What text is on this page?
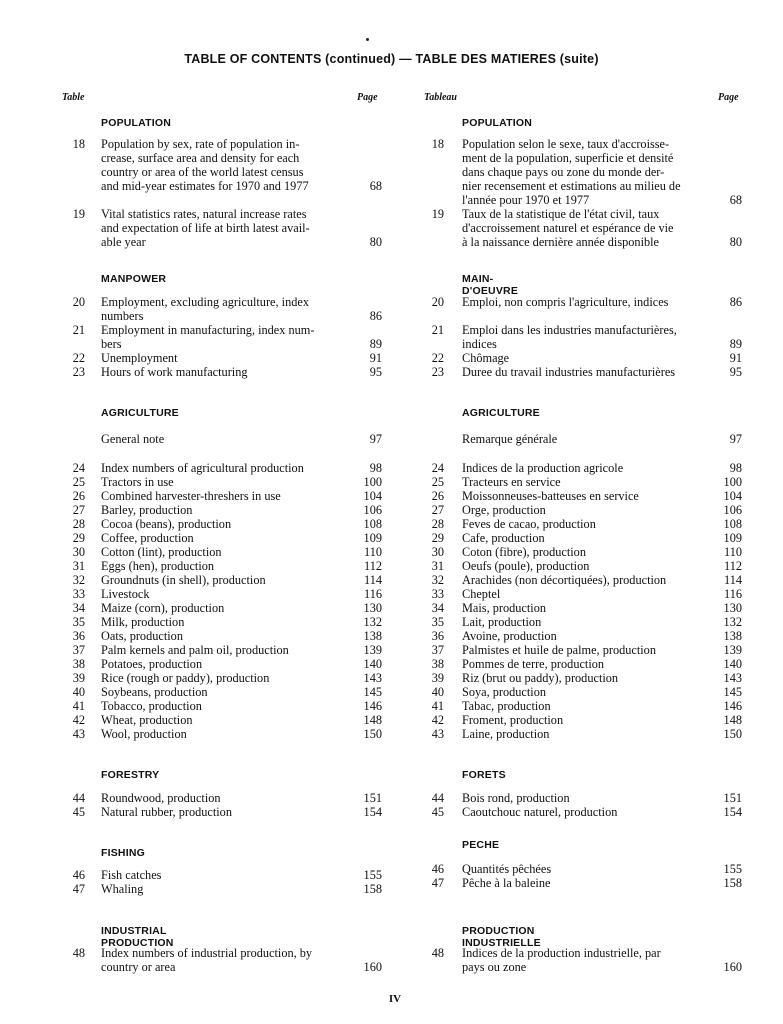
TABLE OF CONTENTS (continued) — TABLE DES MATIERES (suite)
Table	Page	Tableau	Page
POPULATION
MANPOWER
AGRICULTURE
FORESTRY
FISHING
INDUSTRIAL PRODUCTION
18 Population by sex, rate of population in-
crease, surface area and density for each
country or area of the world latest census
and mid-year estimates for 1970 and 1977	68
19 Vital statistics rates, natural increase rates
and expectation of life at birth latest avail-
able year	80
20 Employment, excluding agriculture, index
numbers	86
21 Employment in manufacturing, index num-
bers	89
22 Unemployment	91
23 Hours of work manufacturing	95
General note	97
24 Index numbers of agricultural production	98
25 Tractors in use	100
26 Combined harvester-threshers in use	104
27 Barley, production	106
28 Cocoa (beans), production	108
29 Coffee, production	109
30 Cotton (lint), production	110
31 Eggs (hen), production	112
32 Groundnuts (in shell), production	114
33 Livestock	116
34 Maize (corn), production	130
35 Milk, production	132
36 Oats, production	138
37 Palm kernels and palm oil, production	139
38 Potatoes, production	140
39 Rice (rough or paddy), production	143
40 Soybeans, production	145
41 Tobacco, production	146
42 Wheat, production	148
43 Wool, production	150
44 Roundwood, production	151
45 Natural rubber, production	154
46 Fish catches	155
47 Whaling	158
48 Index numbers of industrial production, by
country or area	160
POPULATION
MAIN-D'OEUVRE
AGRICULTURE
FORETS
PECHE
PRODUCTION INDUSTRIELLE
18 Population selon le sexe, taux d'accroisse-
ment de la population, superficie et densité
dans chaque pays ou zone du monde der-
nier recensement et estimations au milieu de
l'année pour 1970 et 1977	68
19 Taux de la statistique de l'état civil, taux
d'accroissement naturel et espérance de vie
à la naissance dernière année disponible	80
20 Emploi, non compris l'agriculture, indices	86
21 Emploi dans les industries manufacturières,
indices	89
22 Chômage	91
23 Duree du travail industries manufacturières	95
Remarque générale	97
24 Indices de la production agricole	98
25 Tracteurs en service	100
26 Moissonneuses-batteuses en service	104
27 Orge, production	106
28 Feves de cacao, production	108
29 Cafe, production	109
30 Coton (fibre), production	110
31 Oeufs (poule), production	112
32 Arachides (non décortiquées), production	114
33 Cheptel	116
34 Mais, production	130
35 Lait, production	132
36 Avoine, production	138
37 Palmistes et huile de palme, production	139
38 Pommes de terre, production	140
39 Riz (brut ou paddy), production	143
40 Soya, production	145
41 Tabac, production	146
42 Froment, production	148
43 Laine, production	150
44 Bois rond, production	151
45 Caoutchouc naturel, production	154
46 Quantités pêchées	155
47 Pêche à la baleine	158
48 Indices de la production industrielle, par
pays ou zone	160
IV
